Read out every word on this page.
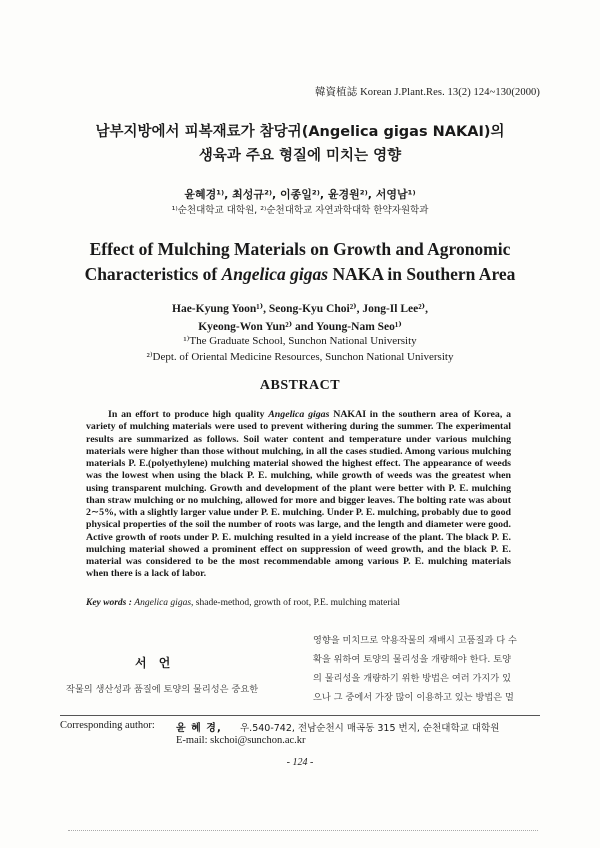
韓資植誌 Korean J.Plant.Res. 13(2) 124~130(2000)
남부지방에서 피복재료가 참당귀(Angelica gigas NAKAI)의
생육과 주요 형질에 미치는 영향
윤혜경¹⁾, 최성규²⁾, 이종일²⁾, 윤경원²⁾, 서영남¹⁾
¹⁾순천대학교 대학원, ²⁾순천대학교 자연과학대학 한약자원학과
Effect of Mulching Materials on Growth and Agronomic
Characteristics of Angelica gigas NAKA in Southern Area
Hae-Kyung Yoon¹⁾, Seong-Kyu Choi²⁾, Jong-Il Lee²⁾,
Kyeong-Won Yun²⁾ and Young-Nam Seo¹⁾
¹⁾The Graduate School, Sunchon National University
²⁾Dept. of Oriental Medicine Resources, Sunchon National University
ABSTRACT

In an effort to produce high quality Angelica gigas NAKAI in the southern area of Korea, a variety of mulching materials were used to prevent withering during the summer. The experimental results are summarized as follows. Soil water content and temperature under various mulching materials were higher than those without mulching, in all the cases studied. Among various mulching materials P. E.(polyethylene) mulching material showed the highest effect. The appearance of weeds was the lowest when using the black P. E. mulching, while growth of weeds was the greatest when using transparent mulching. Growth and development of the plant were better with P. E. mulching than straw mulching or no mulching, allowed for more and bigger leaves. The bolting rate was about 2∼5%, with a slightly larger value under P. E. mulching. Under P. E. mulching, probably due to good physical properties of the soil the number of roots was large, and the length and diameter were good. Active growth of roots under P. E. mulching resulted in a yield increase of the plant. The black P. E. mulching material showed a prominent effect on suppression of weed growth, and the black P. E. material was considered to be the most recommendable among various P. E. mulching materials when there is a lack of labor.

Key words : Angelica gigas, shade-method, growth of root, P.E. mulching material
서 언
작물의 생산성과 품질에 토양의 물리성은 중요한
영향을 미치므로 약용작물의 재배시 고품질과 다 수
확을 위하여 토양의 물리성을 개량해야 한다. 토양
의 물리성을 개량하기 위한 방법은 여러 가지가 있
으나 그 중에서 가장 많이 이용하고 있는 방법은 멀
Corresponding author: 윤 혜 경, 우.540-742, 전남순천시 매곡동 315 번지, 순천대학교 대학원
E-mail: skchoi@sunchon.ac.kr
- 124 -
